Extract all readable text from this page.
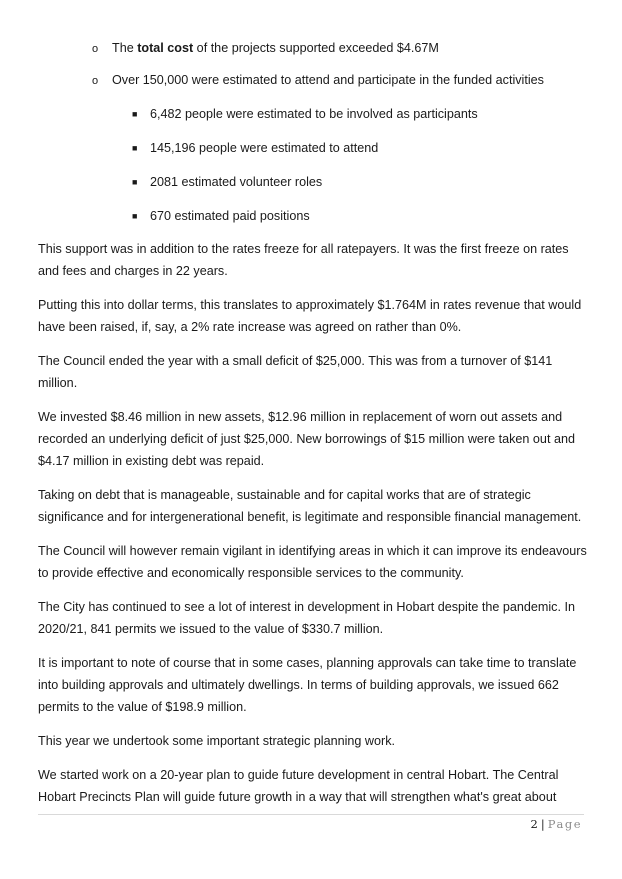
o The total cost of the projects supported exceeded $4.67M
o Over 150,000 were estimated to attend and participate in the funded activities
■ 6,482 people were estimated to be involved as participants
■ 145,196 people were estimated to attend
■ 2081 estimated volunteer roles
■ 670 estimated paid positions
This support was in addition to the rates freeze for all ratepayers. It was the first freeze on rates
and fees and charges in 22 years.
Putting this into dollar terms, this translates to approximately $1.764M in rates revenue that would
have been raised, if, say, a 2% rate increase was agreed on rather than 0%.
The Council ended the year with a small deficit of $25,000. This was from a turnover of $141
million.
We invested $8.46 million in new assets, $12.96 million in replacement of worn out assets and
recorded an underlying deficit of just $25,000. New borrowings of $15 million were taken out and
$4.17 million in existing debt was repaid.
Taking on debt that is manageable, sustainable and for capital works that are of strategic
significance and for intergenerational benefit, is legitimate and responsible financial management.
The Council will however remain vigilant in identifying areas in which it can improve its endeavours
to provide effective and economically responsible services to the community.
The City has continued to see a lot of interest in development in Hobart despite the pandemic. In
2020/21, 841 permits we issued to the value of $330.7 million.
It is important to note of course that in some cases, planning approvals can take time to translate
into building approvals and ultimately dwellings. In terms of building approvals, we issued 662
permits to the value of $198.9 million.
This year we undertook some important strategic planning work.
We started work on a 20-year plan to guide future development in central Hobart. The Central
Hobart Precincts Plan will guide future growth in a way that will strengthen what's great about
2 | Page
